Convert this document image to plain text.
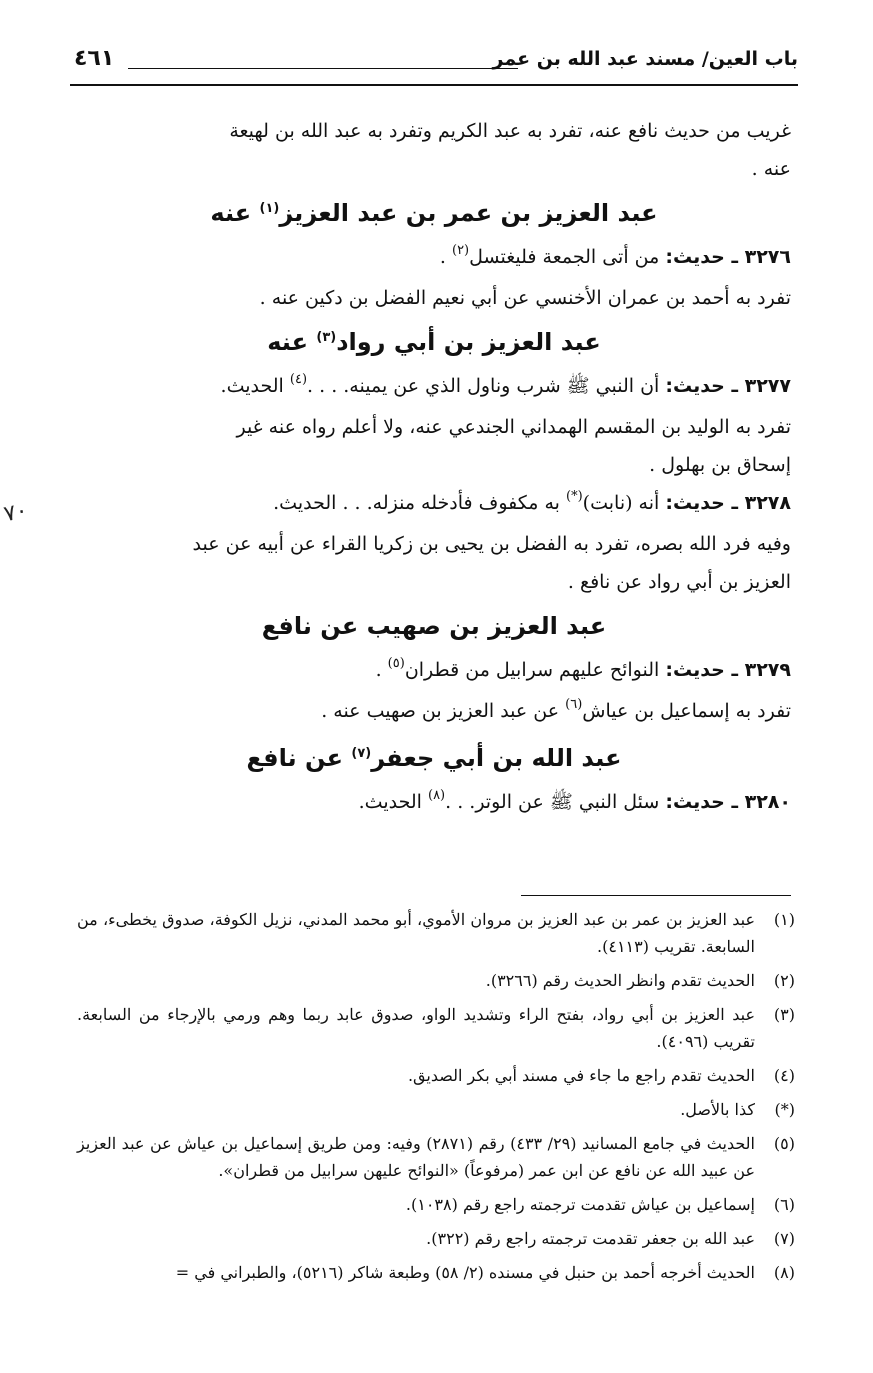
باب العين/ مسند عبد الله بن عمر
٤٦١
٧٠

غريب من حديث نافع عنه، تفرد به عبد الكريم وتفرد به عبد الله بن لهيعة
عنه .

عبد العزيز بن عمر بن عبد العزيز$^{(١)}$ عنه

٣٢٧٦ ـ حديث: من أتى الجمعة فليغتسل$^{(٢)}$ .

تفرد به أحمد بن عمران الأخنسي عن أبي نعيم الفضل بن دكين عنه .

عبد العزيز بن أبي رواد$^{(٣)}$ عنه

٣٢٧٧ ـ حديث: أن النبي ﷺ شرب وناول الذي عن يمينه. . . .$^{(٤)}$ الحديث.

تفرد به الوليد بن المقسم الهمداني الجندعي عنه، ولا أعلم رواه عنه غير
إسحاق بن بهلول .

٣٢٧٨ ـ حديث: أنه (نابت)(*) به مكفوف فأدخله منزله. . . الحديث.

وفيه فرد الله بصره، تفرد به الفضل بن يحيى بن زكريا القراء عن أبيه عن عبد
العزيز بن أبي رواد عن نافع .

عبد العزيز بن صهيب عن نافع

٣٢٧٩ ـ حديث: النوائح عليهم سرابيل من قطران$^{(٥)}$ .

تفرد به إسماعيل بن عياش$^{(٦)}$ عن عبد العزيز بن صهيب عنه .

عبد الله بن أبي جعفر$^{(٧)}$ عن نافع

٣٢٨٠ ـ حديث: سئل النبي ﷺ عن الوتر. . .$^{(٨)}$ الحديث.

(١)
عبد العزيز بن عمر بن عبد العزيز بن مروان الأموي، أبو محمد المدني، نزيل الكوفة، صدوق يخطىء، من السابعة. تقريب (٤١١٣).
(٢)
الحديث تقدم وانظر الحديث رقم (٣٢٦٦).
(٣)
عبد العزيز بن أبي رواد، بفتح الراء وتشديد الواو، صدوق عابد ربما وهم ورمي بالإرجاء من السابعة. تقريب (٤٠٩٦).
(٤)
الحديث تقدم راجع ما جاء في مسند أبي بكر الصديق.
(*)
كذا بالأصل.
(٥)
الحديث في جامع المسانيد (٢٩/ ٤٣٣) رقم (٢٨٧١) وفيه: ومن طريق إسماعيل بن عياش عن عبد العزيز عن عبيد الله عن نافع عن ابن عمر (مرفوعاً) «النوائح عليهن سرابيل من قطران».
(٦)
إسماعيل بن عياش تقدمت ترجمته راجع رقم (١٠٣٨).
(٧)
عبد الله بن جعفر تقدمت ترجمته راجع رقم (٣٢٢).
(٨)
الحديث أخرجه أحمد بن حنبل في مسنده (٢/ ٥٨) وطبعة شاكر (٥٢١٦)، والطبراني في =
